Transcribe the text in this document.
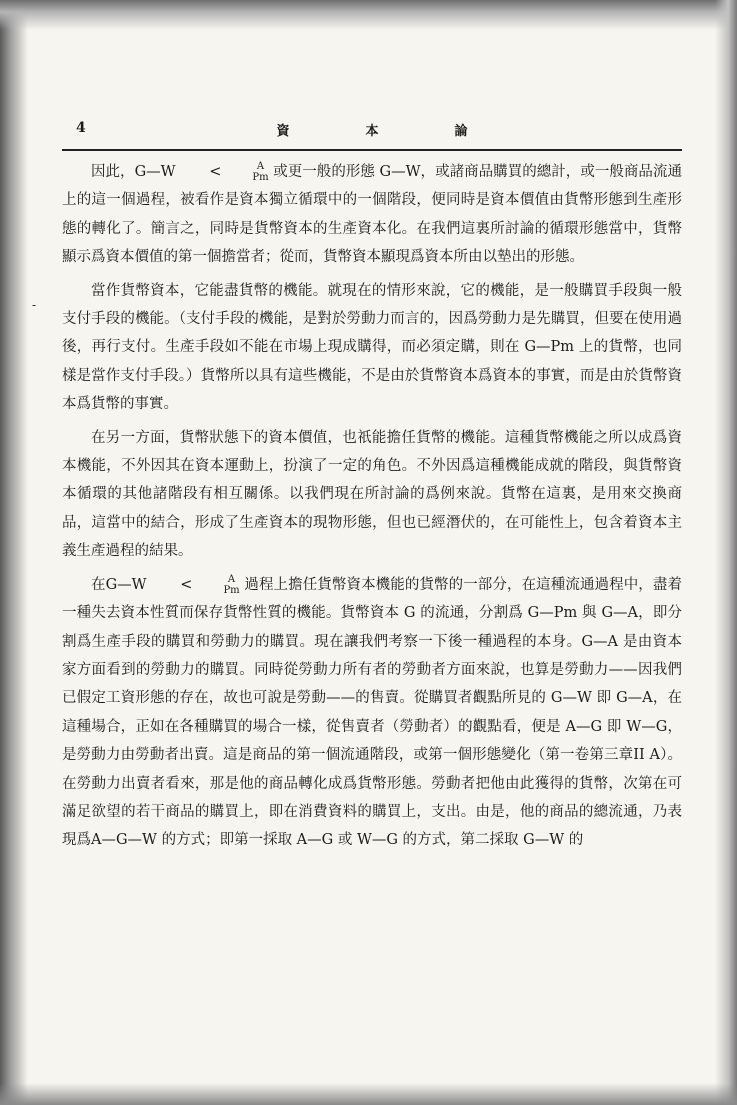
4	資	本	論
-

因此，G—W <	A
Pm 或更一般的形態 G—W，或諸商品購買的總計，或一般商品流通上的這一個過程，被看作是資本獨立循環中的一個階段，便同時是資本價值由貨幣形態到生產形態的轉化了。簡言之，同時是貨幣資本的生產資本化。在我們這裏所討論的循環形態當中，貨幣顯示爲資本價值的第一個擔當者；從而，貨幣資本顯現爲資本所由以墊出的形態。

當作貨幣資本，它能盡貨幣的機能。就現在的情形來說，它的機能，是一般購買手段與一般支付手段的機能。（支付手段的機能，是對於勞動力而言的，因爲勞動力是先購買，但要在使用過後，再行支付。生產手段如不能在市場上現成購得，而必須定購，則在 G—Pm 上的貨幣，也同樣是當作支付手段。）貨幣所以具有這些機能，不是由於貨幣資本爲資本的事實，而是由於貨幣資本爲貨幣的事實。

在另一方面，貨幣狀態下的資本價值，也祇能擔任貨幣的機能。這種貨幣機能之所以成爲資本機能，不外因其在資本運動上，扮演了一定的角色。不外因爲這種機能成就的階段，與貨幣資本循環的其他諸階段有相互關係。以我們現在所討論的爲例來說。貨幣在這裏，是用來交換商品，這當中的結合，形成了生產資本的現物形態，但也已經潛伏的，在可能性上，包含着資本主義生產過程的結果。

在G—W <	A
Pm 過程上擔任貨幣資本機能的貨幣的一部分，在這種流通過程中，盡着一種失去資本性質而保存貨幣性質的機能。貨幣資本 G 的流通，分割爲 G—Pm 與 G—A，即分割爲生產手段的購買和勞動力的購買。現在讓我們考察一下後一種過程的本身。G—A 是由資本家方面看到的勞動力的購買。同時從勞動力所有者的勞動者方面來說，也算是勞動力——因我們已假定工資形態的存在，故也可說是勞動——的售賣。從購買者觀點所見的 G—W 即 G—A，在這種場合，正如在各種購買的場合一樣，從售賣者（勞動者）的觀點看，便是 A—G 即 W—G，是勞動力由勞動者出賣。這是商品的第一個流通階段，或第一個形態變化（第一卷第三章II A）。在勞動力出賣者看來，那是他的商品轉化成爲貨幣形態。勞動者把他由此獲得的貨幣，次第在可滿足欲望的若干商品的購買上，即在消費資料的購買上，支出。由是，他的商品的總流通，乃表現爲A—G—W 的方式；即第一採取 A—G 或 W—G 的方式，第二採取 G—W 的
